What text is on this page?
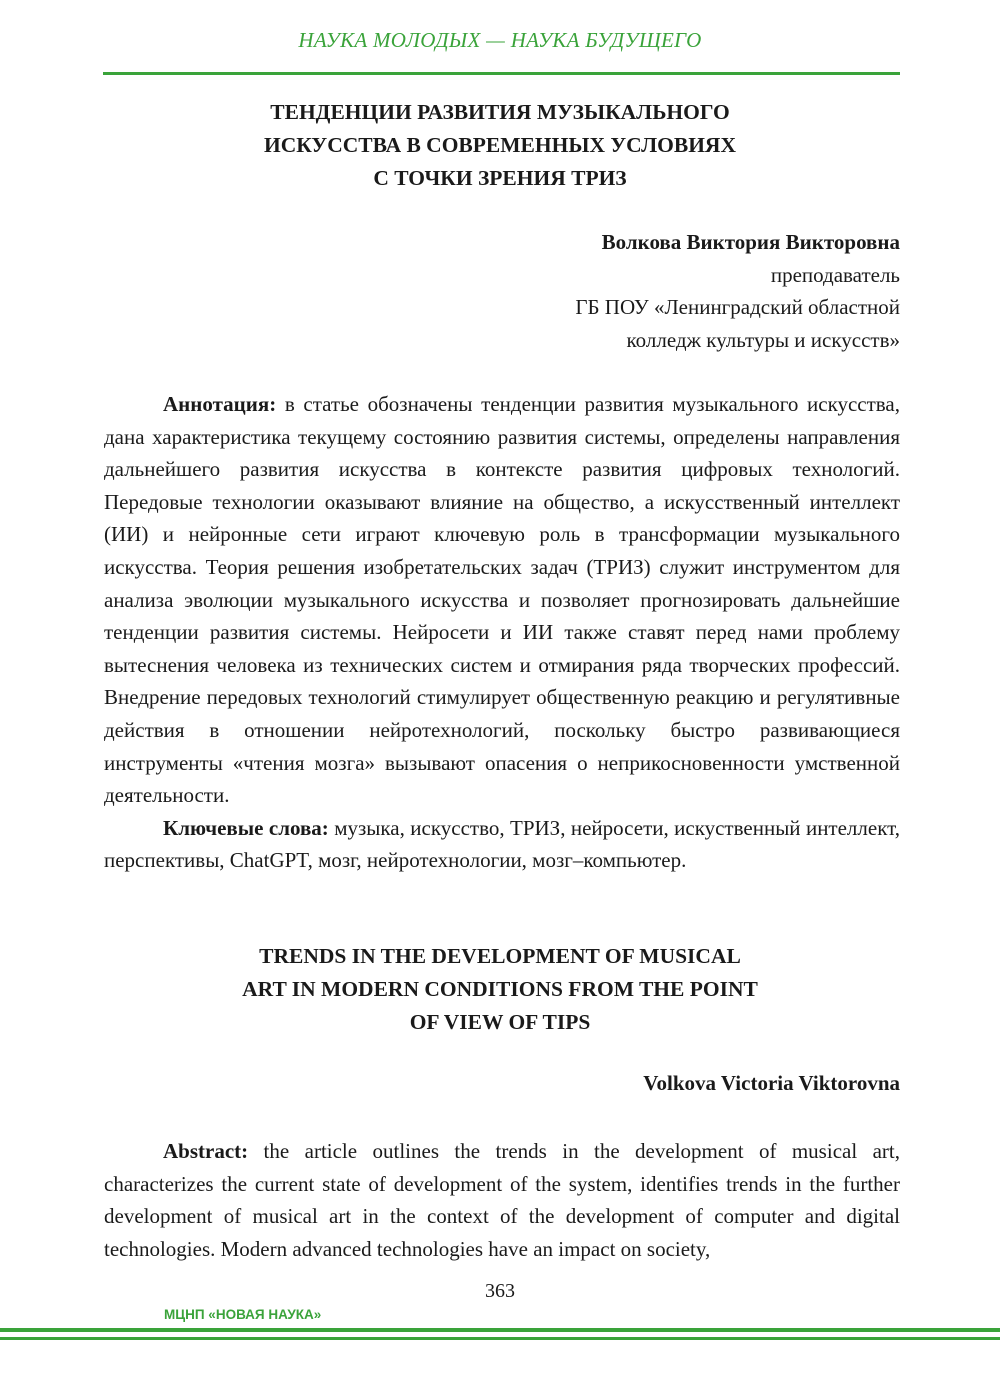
НАУКА МОЛОДЫХ — НАУКА БУДУЩЕГО
ТЕНДЕНЦИИ РАЗВИТИЯ МУЗЫКАЛЬНОГО
ИСКУССТВА В СОВРЕМЕННЫХ УСЛОВИЯХ
С ТОЧКИ ЗРЕНИЯ ТРИЗ
Волкова Виктория Викторовна
преподаватель
ГБ ПОУ «Ленинградский областной
колледж культуры и искусств»

Аннотация: в статье обозначены тенденции развития музыкального искусства, дана характеристика текущему состоянию развития системы, определены направления дальнейшего развития искусства в контексте развития цифровых технологий. Передовые технологии оказывают влияние на общество, а искусственный интеллект (ИИ) и нейронные сети играют ключевую роль в трансформации музыкального искусства. Теория решения изобретательских задач (ТРИЗ) служит инструментом для анализа эволюции музыкального искусства и позволяет прогнозировать дальнейшие тенденции развития системы. Нейросети и ИИ также ставят перед нами проблему вытеснения человека из технических систем и отмирания ряда творческих профессий. Внедрение передовых технологий стимулирует общественную реакцию и регулятивные действия в отношении нейротехнологий, поскольку быстро развивающиеся инструменты «чтения мозга» вызывают опасения о неприкосновенности умственной деятельности.

Ключевые слова: музыка, искусство, ТРИЗ, нейросети, искуственный интеллект, перспективы, ChatGPT, мозг, нейротехнологии, мозг–компьютер.

TRENDS IN THE DEVELOPMENT OF MUSICAL
ART IN MODERN CONDITIONS FROM THE POINT
OF VIEW OF TIPS
Volkova Victoria Viktorovna

Abstract: the article outlines the trends in the development of musical art, characterizes the current state of development of the system, identifies trends in the further development of musical art in the context of the development of computer and digital technologies. Modern advanced technologies have an impact on society,

363
МЦНП «НОВАЯ НАУКА»
